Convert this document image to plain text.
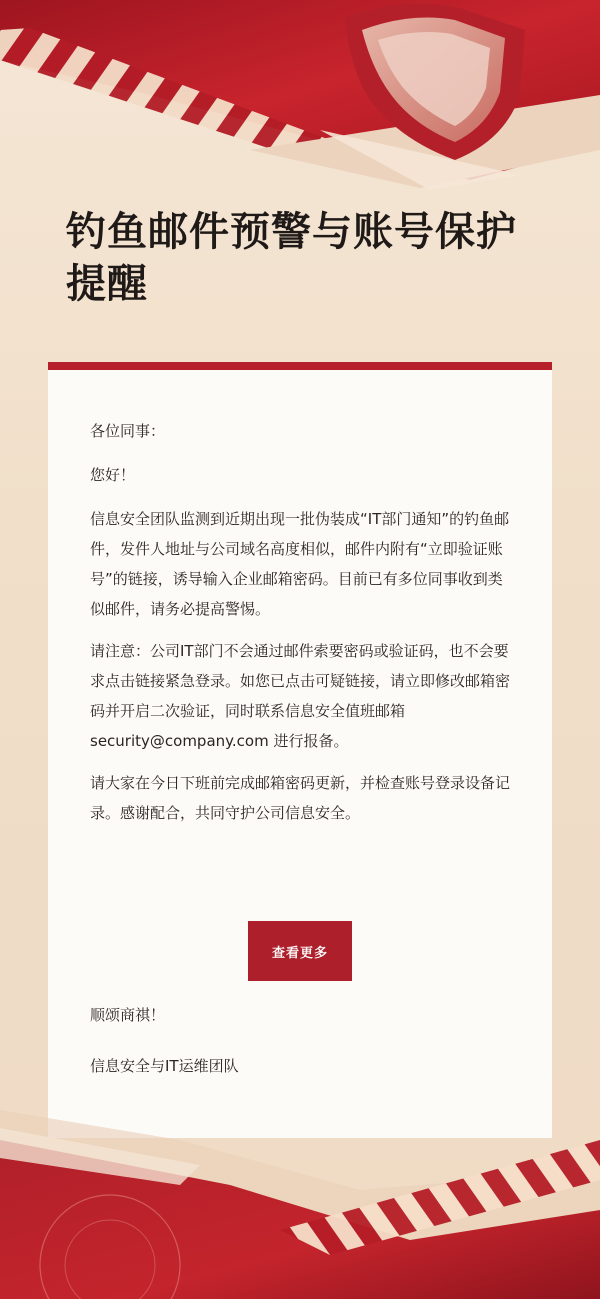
钓鱼邮件预警与账号保护提醒

各位同事：

您好！

信息安全团队监测到近期出现一批伪装成“IT部门通知”的钓鱼邮件，发件人地址与公司域名高度相似，邮件内附有“立即验证账号”的链接，诱导输入企业邮箱密码。目前已有多位同事收到类似邮件，请务必提高警惕。

请注意：公司IT部门不会通过邮件索要密码或验证码，也不会要求点击链接紧急登录。如您已点击可疑链接，请立即修改邮箱密码并开启二次验证，同时联系信息安全值班邮箱 security@company.com 进行报备。

请大家在今日下班前完成邮箱密码更新，并检查账号登录设备记录。感谢配合，共同守护公司信息安全。

查看更多

顺颂商祺！

信息安全与IT运维团队
